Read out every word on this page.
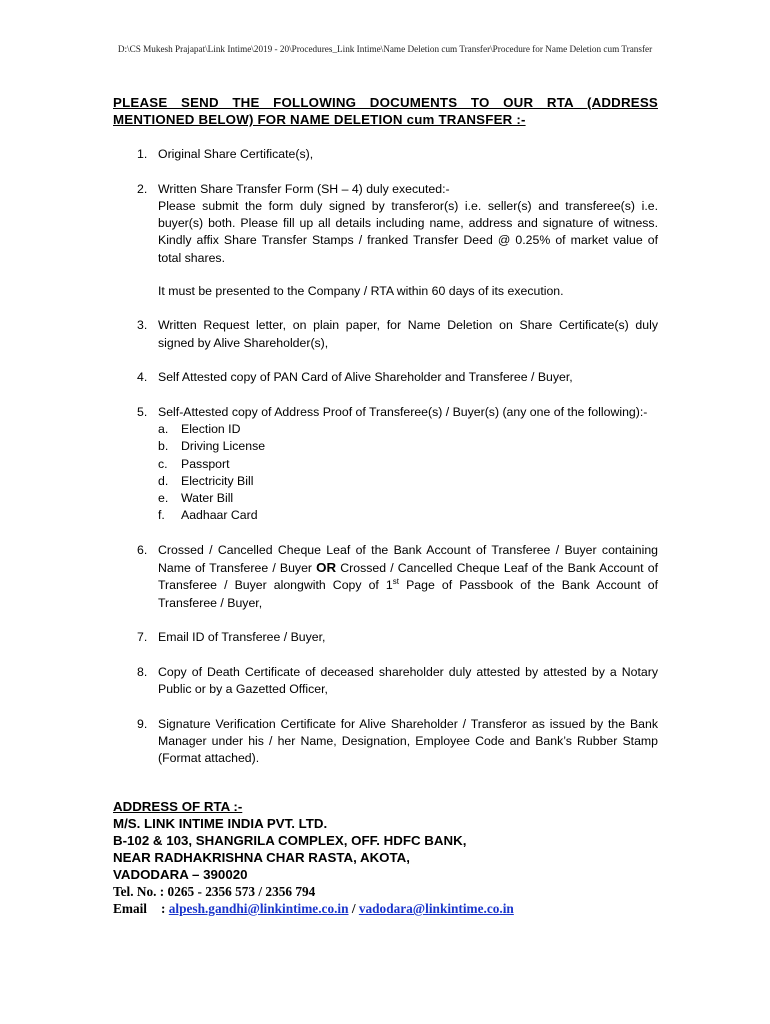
D:\CS Mukesh Prajapat\Link Intime\2019 - 20\Procedures_Link Intime\Name Deletion cum Transfer\Procedure for Name Deletion cum Transfer
PLEASE SEND THE FOLLOWING DOCUMENTS TO OUR RTA (ADDRESS MENTIONED BELOW) FOR NAME DELETION cum TRANSFER :-
1. Original Share Certificate(s),

2. Written Share Transfer Form (SH – 4) duly executed:-

Please submit the form duly signed by transferor(s) i.e. seller(s) and transferee(s) i.e. buyer(s) both. Please fill up all details including name, address and signature of witness. Kindly affix Share Transfer Stamps / franked Transfer Deed @ 0.25% of market value of total shares.

It must be presented to the Company / RTA within 60 days of its execution.

3. Written Request letter, on plain paper, for Name Deletion on Share Certificate(s) duly signed by Alive Shareholder(s),

4. Self Attested copy of PAN Card of Alive Shareholder and Transferee / Buyer,

5. Self-Attested copy of Address Proof of Transferee(s) / Buyer(s) (any one of the following):-

a. Election ID
b. Driving License
c. Passport
d. Electricity Bill
e. Water Bill
f. Aadhaar Card
6. Crossed / Cancelled Cheque Leaf of the Bank Account of Transferee / Buyer containing Name of Transferee / Buyer OR Crossed / Cancelled Cheque Leaf of the Bank Account of Transferee / Buyer alongwith Copy of 1st Page of Passbook of the Bank Account of Transferee / Buyer,

7. Email ID of Transferee / Buyer,

8. Copy of Death Certificate of deceased shareholder duly attested by attested by a Notary Public or by a Gazetted Officer,

9. Signature Verification Certificate for Alive Shareholder / Transferor as issued by the Bank Manager under his / her Name, Designation, Employee Code and Bank’s Rubber Stamp (Format attached).

ADDRESS OF RTA :-
M/S. LINK INTIME INDIA PVT. LTD.
B-102 & 103, SHANGRILA COMPLEX, OFF. HDFC BANK,
NEAR RADHAKRISHNA CHAR RASTA, AKOTA,
VADODARA – 390020
Tel. No. : 0265 - 2356 573 / 2356 794
Email : alpesh.gandhi@linkintime.co.in / vadodara@linkintime.co.in
